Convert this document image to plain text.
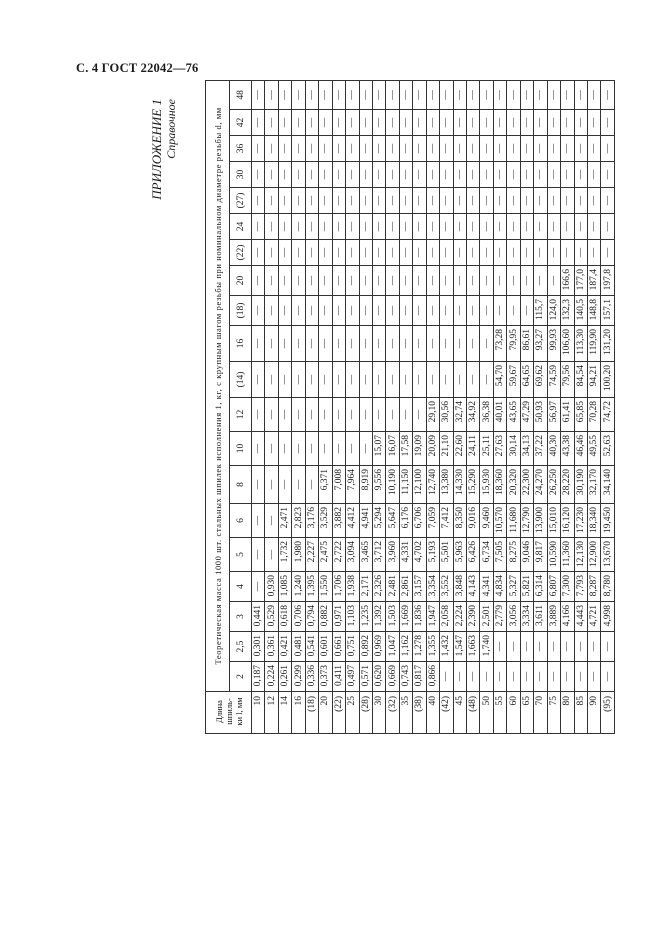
С. 4 ГОСТ 22042—76
ПРИЛОЖЕНИЕ 1 Справочное
Длина
шпиль-
ки l, мм	Теоретическая масса 1000 шт. стальных шпилек исполнения 1, кг, с крупным шагом резьбы при номинальном диаметре резьбы d, мм																			
	2	2,5	3	4	5	6	8	10	12	(14)	16	(18)	20	(22)	24	(27)	30	36	42	48
10	0,187	0,301	0,441	—	—	—	—	—	—	—	—	—	—	—	—	—	—	—	—	—
12	0,224	0,361	0,529	0,930	—	—	—	—	—	—	—	—	—	—	—	—	—	—	—	—
14	0,261	0,421	0,618	1,085	1,732	2,471	—	—	—	—	—	—	—	—	—	—	—	—	—	—
16	0,299	0,481	0,706	1,240	1,980	2,823	—	—	—	—	—	—	—	—	—	—	—	—	—	—
(18)	0,336	0,541	0,794	1,395	2,227	3,176	—	—	—	—	—	—	—	—	—	—	—	—	—	—
20	0,373	0,601	0,882	1,550	2,475	3,529	6,371	—	—	—	—	—	—	—	—	—	—	—	—	—
(22)	0,411	0,661	0,971	1,706	2,722	3,882	7,008	—	—	—	—	—	—	—	—	—	—	—	—	—
25	0,497	0,751	1,103	1,938	3,094	4,412	7,964	—	—	—	—	—	—	—	—	—	—	—	—	—
(28)	0,571	0,892	1,235	2,171	3,465	4,941	8,919	—	—	—	—	—	—	—	—	—	—	—	—	—
30	0,620	0,969	1,392	2,326	3,712	5,294	9,556	15,07	—	—	—	—	—	—	—	—	—	—	—	—
(32)	0,669	1,047	1,503	2,481	3,960	5,647	10,190	16,07	—	—	—	—	—	—	—	—	—	—	—	—
35	0,743	1,162	1,669	2,861	4,331	6,176	11,150	17,58	—	—	—	—	—	—	—	—	—	—	—	—
(38)	0,817	1,278	1,836	3,157	4,702	6,706	12,100	19,09	—	—	—	—	—	—	—	—	—	—	—	—
40	0,866	1,355	1,947	3,354	5,193	7,059	12,740	20,09	29,10	—	—	—	—	—	—	—	—	—	—	—
(42)	—	1,432	2,058	3,552	5,501	7,412	13,380	21,10	30,56	—	—	—	—	—	—	—	—	—	—	—
45	—	1,547	2,224	3,848	5,963	8,350	14,330	22,60	32,74	—	—	—	—	—	—	—	—	—	—	—
(48)	—	1,663	2,390	4,143	6,426	9,016	15,290	24,11	34,92	—	—	—	—	—	—	—	—	—	—	—
50	—	1,740	2,501	4,341	6,734	9,460	15,930	25,11	36,38	—	—	—	—	—	—	—	—	—	—	—
55	—	—	2,779	4,834	7,505	10,570	18,360	27,63	40,01	54,70	73,28	—	—	—	—	—	—	—	—	—
60	—	—	3,056	5,327	8,275	11,680	20,320	30,14	43,65	59,67	79,95	—	—	—	—	—	—	—	—	—
65	—	—	3,334	5,821	9,046	12,790	22,300	34,13	47,29	64,65	86,61	—	—	—	—	—	—	—	—	—
70	—	—	3,611	6,314	9,817	13,900	24,270	37,22	50,93	69,62	93,27	115,7	—	—	—	—	—	—	—	—
75	—	—	3,889	6,807	10,590	15,010	26,250	40,30	56,97	74,59	99,93	124,0	—	—	—	—	—	—	—	—
80	—	—	4,166	7,300	11,360	16,120	28,220	43,38	61,41	79,56	106,60	132,3	166,6	—	—	—	—	—	—	—
85	—	—	4,443	7,793	12,130	17,230	30,190	46,46	65,85	84,54	113,30	140,5	177,0	—	—	—	—	—	—	—
90	—	—	4,721	8,287	12,900	18,340	32,170	49,55	70,28	94,21	119,90	148,8	187,4	—	—	—	—	—	—	—
(95)	—	—	4,998	8,780	13,670	19,450	34,140	52,63	74,72	100,20	131,20	157,1	197,8	—	—	—	—	—	—	—
